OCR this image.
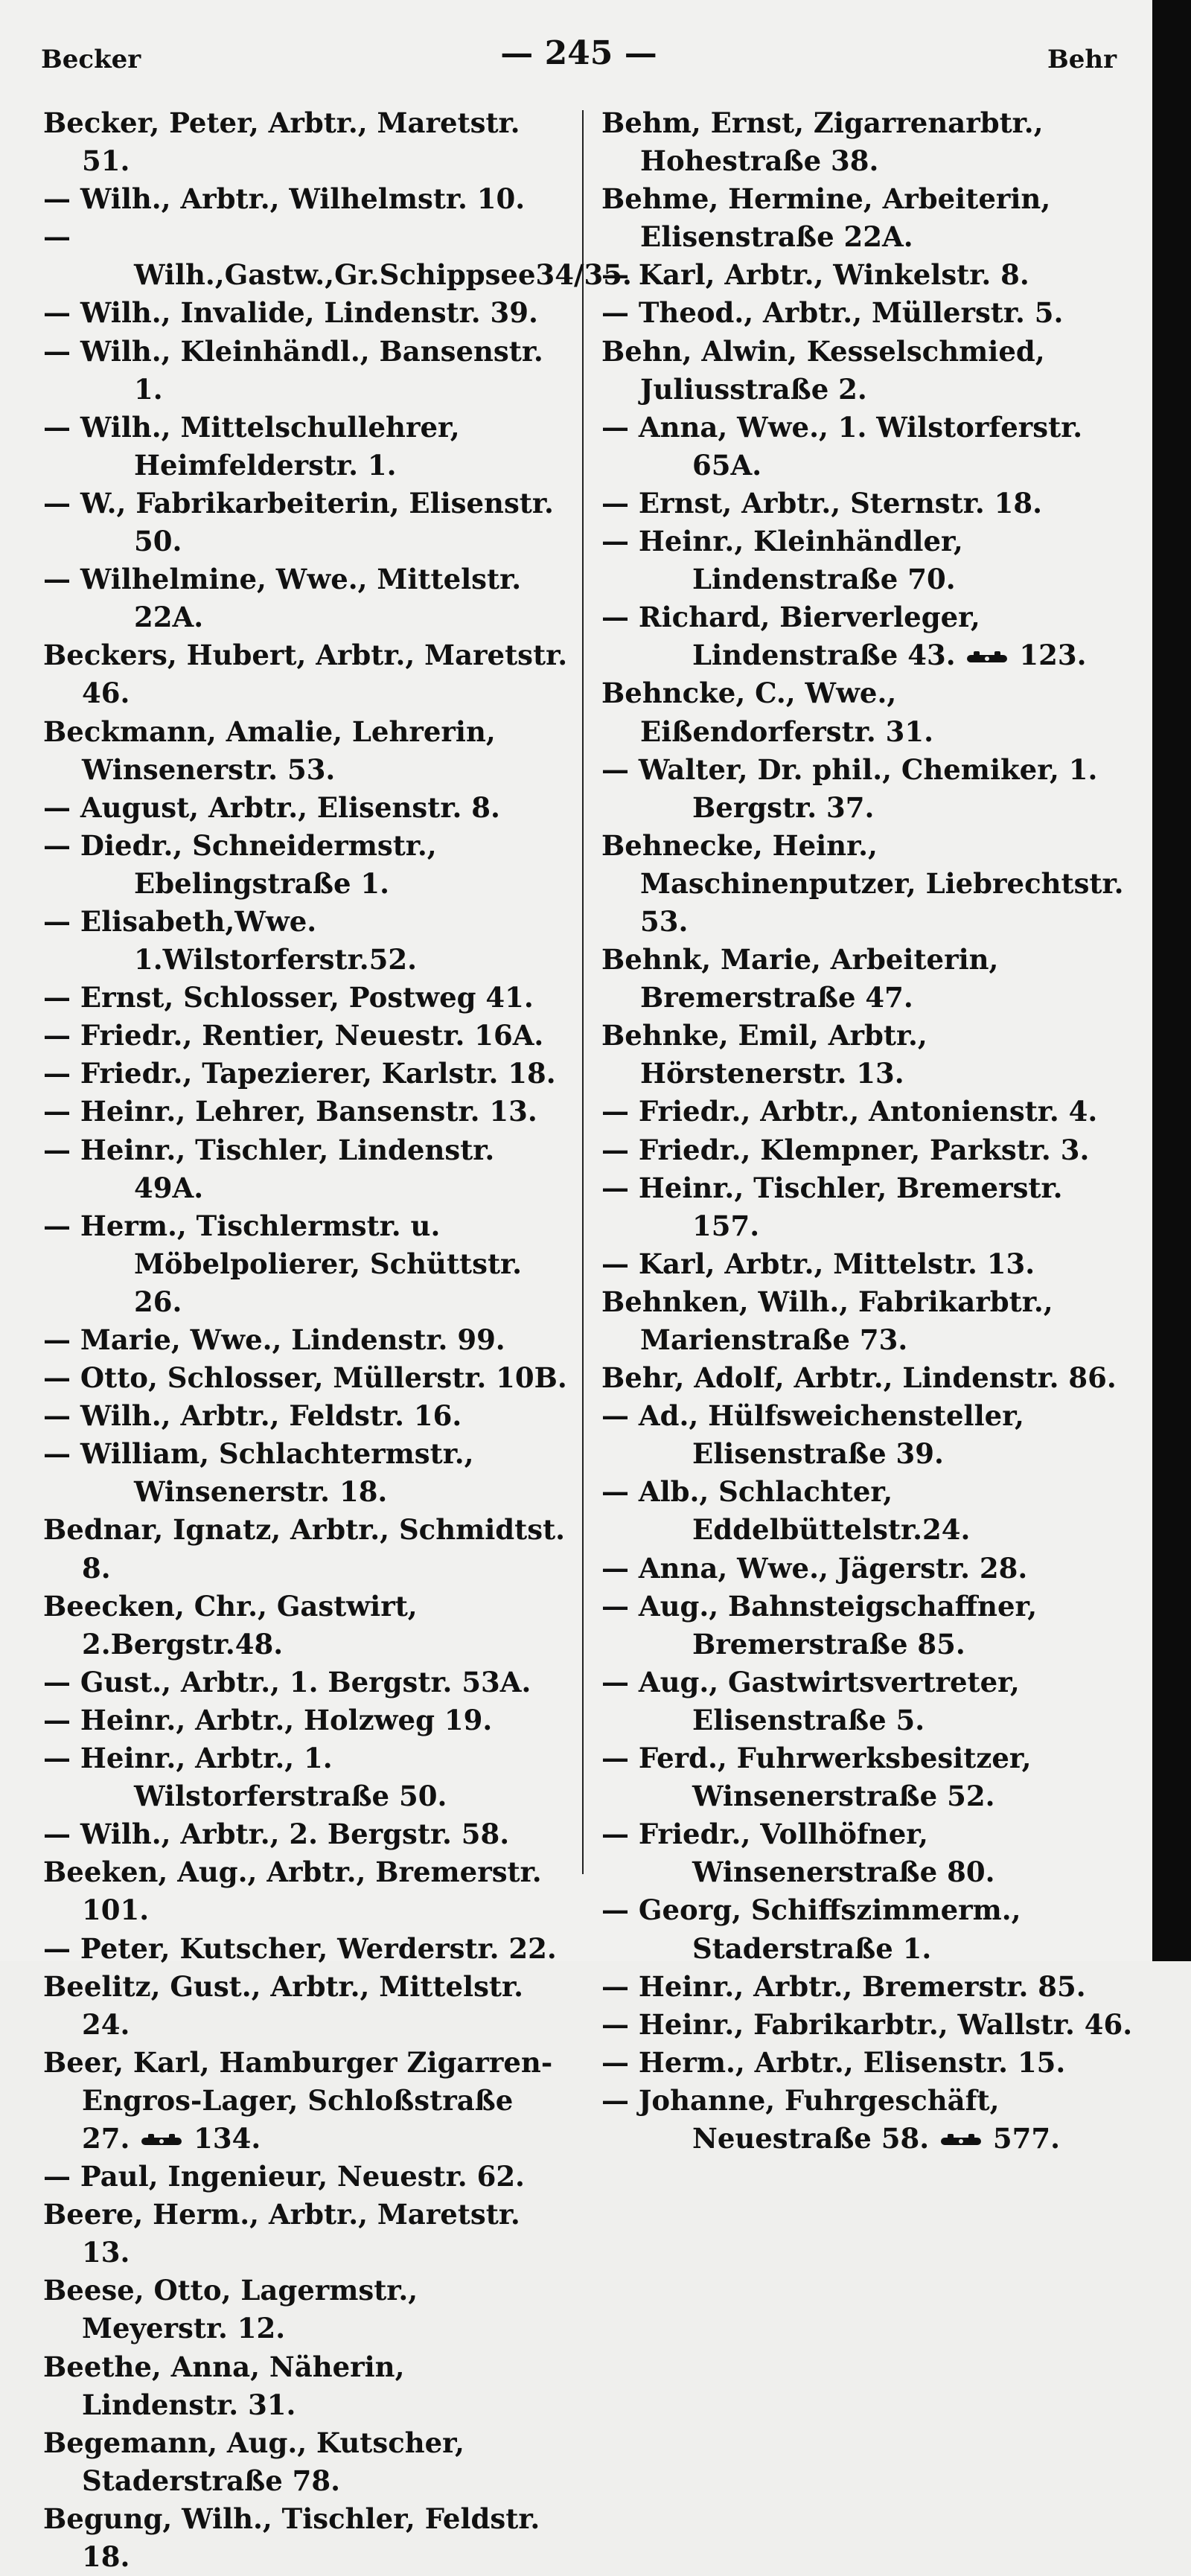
Becker	— 245 —	Behr
Becker, Peter, Arbtr., Maretstr. 51.
— Wilh., Arbtr., Wilhelmstr. 10.
— Wilh.,Gastw.,Gr.Schippsee34/35.
— Wilh., Invalide, Lindenstr. 39.
— Wilh., Kleinhändl., Bansenstr. 1.
— Wilh., Mittelschullehrer, Heimfelderstr. 1.
— W., Fabrikarbeiterin, Elisenstr. 50.
— Wilhelmine, Wwe., Mittelstr. 22A.
Beckers, Hubert, Arbtr., Maretstr. 46.
Beckmann, Amalie, Lehrerin, Winsenerstr. 53.
— August, Arbtr., Elisenstr. 8.
— Diedr., Schneidermstr., Ebelingstraße 1.
— Elisabeth,Wwe. 1.Wilstorferstr.52.
— Ernst, Schlosser, Postweg 41.
— Friedr., Rentier, Neuestr. 16A.
— Friedr., Tapezierer, Karlstr. 18.
— Heinr., Lehrer, Bansenstr. 13.
— Heinr., Tischler, Lindenstr. 49A.
— Herm., Tischlermstr. u. Möbelpolierer, Schüttstr. 26.
— Marie, Wwe., Lindenstr. 99.
— Otto, Schlosser, Müllerstr. 10B.
— Wilh., Arbtr., Feldstr. 16.
— William, Schlachtermstr., Winsenerstr. 18.
Bednar, Ignatz, Arbtr., Schmidtst. 8.
Beecken, Chr., Gastwirt, 2.Bergstr.48.
— Gust., Arbtr., 1. Bergstr. 53A.
— Heinr., Arbtr., Holzweg 19.
— Heinr., Arbtr., 1. Wilstorferstraße 50.
— Wilh., Arbtr., 2. Bergstr. 58.
Beeken, Aug., Arbtr., Bremerstr. 101.
— Peter, Kutscher, Werderstr. 22.
Beelitz, Gust., Arbtr., Mittelstr. 24.
Beer, Karl, Hamburger Zigarren-Engros-Lager, Schloßstraße 27. 134.
— Paul, Ingenieur, Neuestr. 62.
Beere, Herm., Arbtr., Maretstr. 13.
Beese, Otto, Lagermstr., Meyerstr. 12.
Beethe, Anna, Näherin, Lindenstr. 31.
Begemann, Aug., Kutscher, Staderstraße 78.
Begung, Wilh., Tischler, Feldstr. 18.
Behm, Ernst, Zigarrenarbtr., Hohestraße 38.
Behme, Hermine, Arbeiterin, Elisenstraße 22A.
— Karl, Arbtr., Winkelstr. 8.
— Theod., Arbtr., Müllerstr. 5.
Behn, Alwin, Kesselschmied, Juliusstraße 2.
— Anna, Wwe., 1. Wilstorferstr. 65A.
— Ernst, Arbtr., Sternstr. 18.
— Heinr., Kleinhändler, Lindenstraße 70.
— Richard, Bierverleger, Lindenstraße 43. 123.
Behncke, C., Wwe., Eißendorferstr. 31.
— Walter, Dr. phil., Chemiker, 1. Bergstr. 37.
Behnecke, Heinr., Maschinenputzer, Liebrechtstr. 53.
Behnk, Marie, Arbeiterin, Bremerstraße 47.
Behnke, Emil, Arbtr., Hörstenerstr. 13.
— Friedr., Arbtr., Antonienstr. 4.
— Friedr., Klempner, Parkstr. 3.
— Heinr., Tischler, Bremerstr. 157.
— Karl, Arbtr., Mittelstr. 13.
Behnken, Wilh., Fabrikarbtr., Marienstraße 73.
Behr, Adolf, Arbtr., Lindenstr. 86.
— Ad., Hülfsweichensteller, Elisenstraße 39.
— Alb., Schlachter, Eddelbüttelstr.24.
— Anna, Wwe., Jägerstr. 28.
— Aug., Bahnsteigschaffner, Bremerstraße 85.
— Aug., Gastwirtsvertreter, Elisenstraße 5.
— Ferd., Fuhrwerksbesitzer, Winsenerstraße 52.
— Friedr., Vollhöfner, Winsenerstraße 80.
— Georg, Schiffszimmerm., Staderstraße 1.
— Heinr., Arbtr., Bremerstr. 85.
— Heinr., Fabrikarbtr., Wallstr. 46.
— Herm., Arbtr., Elisenstr. 15.
— Johanne, Fuhrgeschäft, Neuestraße 58. 577.
